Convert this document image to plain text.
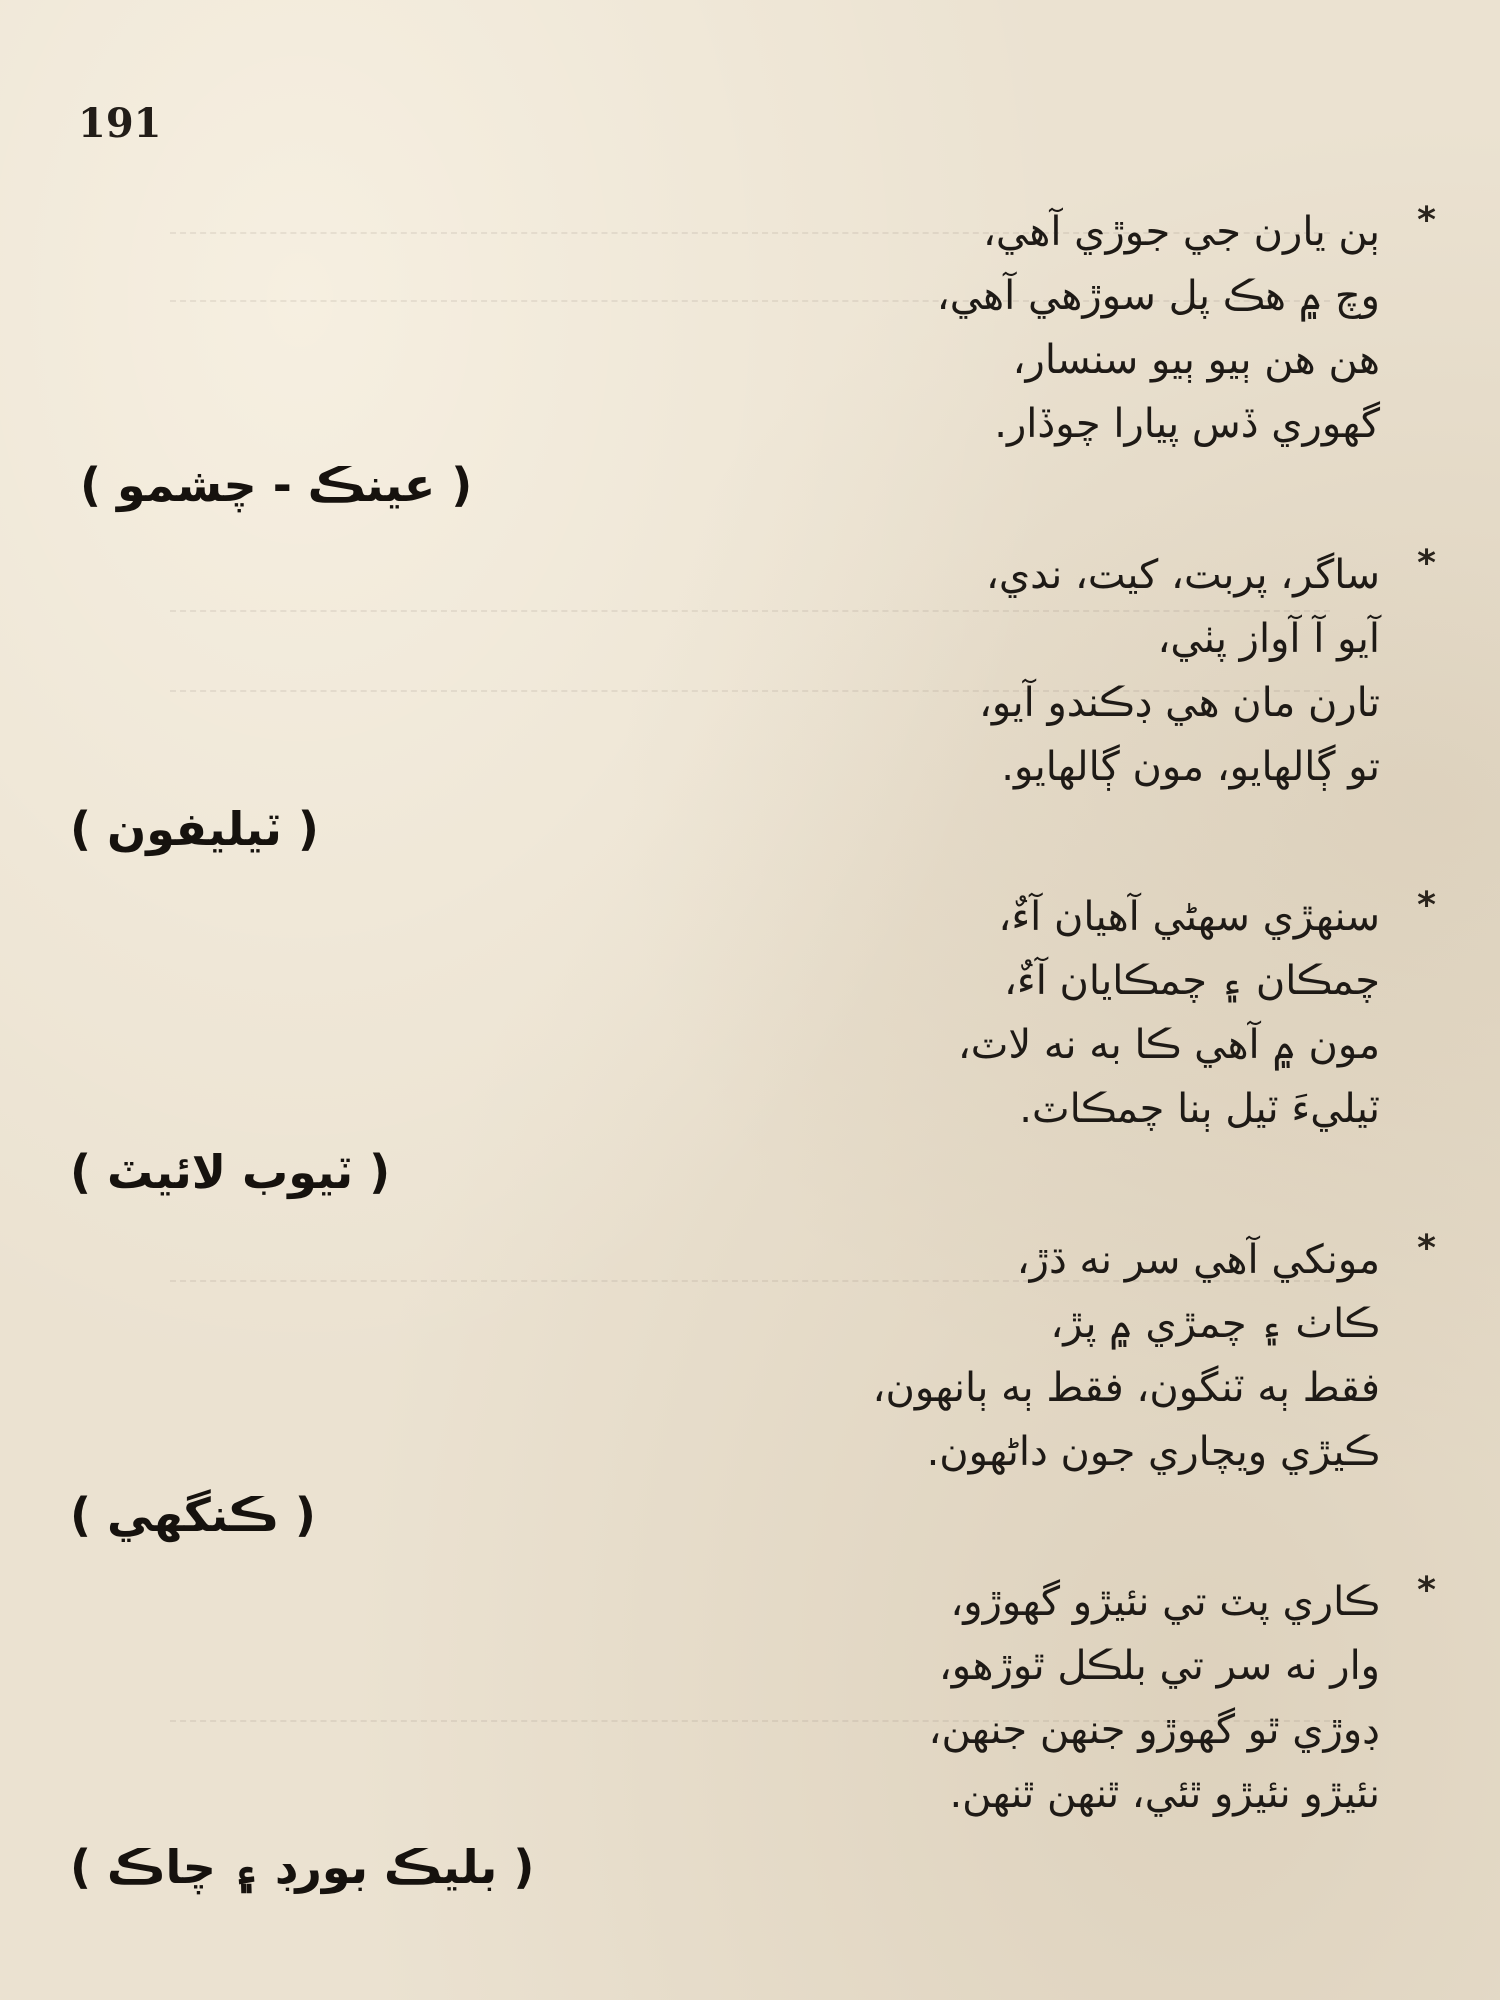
191
*
ٻن يارن جي جوڙي آهي،
وچ ۾ هڪ پل سوڙهي آهي،
هن هن ٻيو ٻيو سنسار،
گهوري ڏس پيارا چوڏار.
( عينڪ - چشمو )
*
ساگر، پربت، کيت، ندي،
آيو آ آواز پٺي،
تارن مان هي ڊڪندو آيو،
تو ڳالهايو، مون ڳالهايو.
( ٽيليفون )
*
سنهڙي سهڻي آهيان آءٌ،
چمڪان ۽ چمڪايان آءٌ،
مون ۾ آهي ڪا به نه لاٽ،
ٽيليءَ ٽيل ٻنا چمڪاٽ.
( ٽيوب لائيٽ )
*
مونکي آهي سر نه ڌڙ،
ڪاٺ ۽ چمڙي ۾ پڙ،
فقط ٻه ٽنگون، فقط ٻه ٻانهون،
ڪيڙي ويچاري جون داڻهون.
( ڪنگهي )
*
ڪاري پٽ تي نئيڙو گهوڙو،
وار نه سر تي بلڪل ٿوڙهو،
ڊوڙي ٿو گهوڙو جنهن جنهن،
نئيڙو نئيڙو ٿئي، ٿنهن ٿنهن.
( بليڪ بورڊ ۽ چاڪ )
